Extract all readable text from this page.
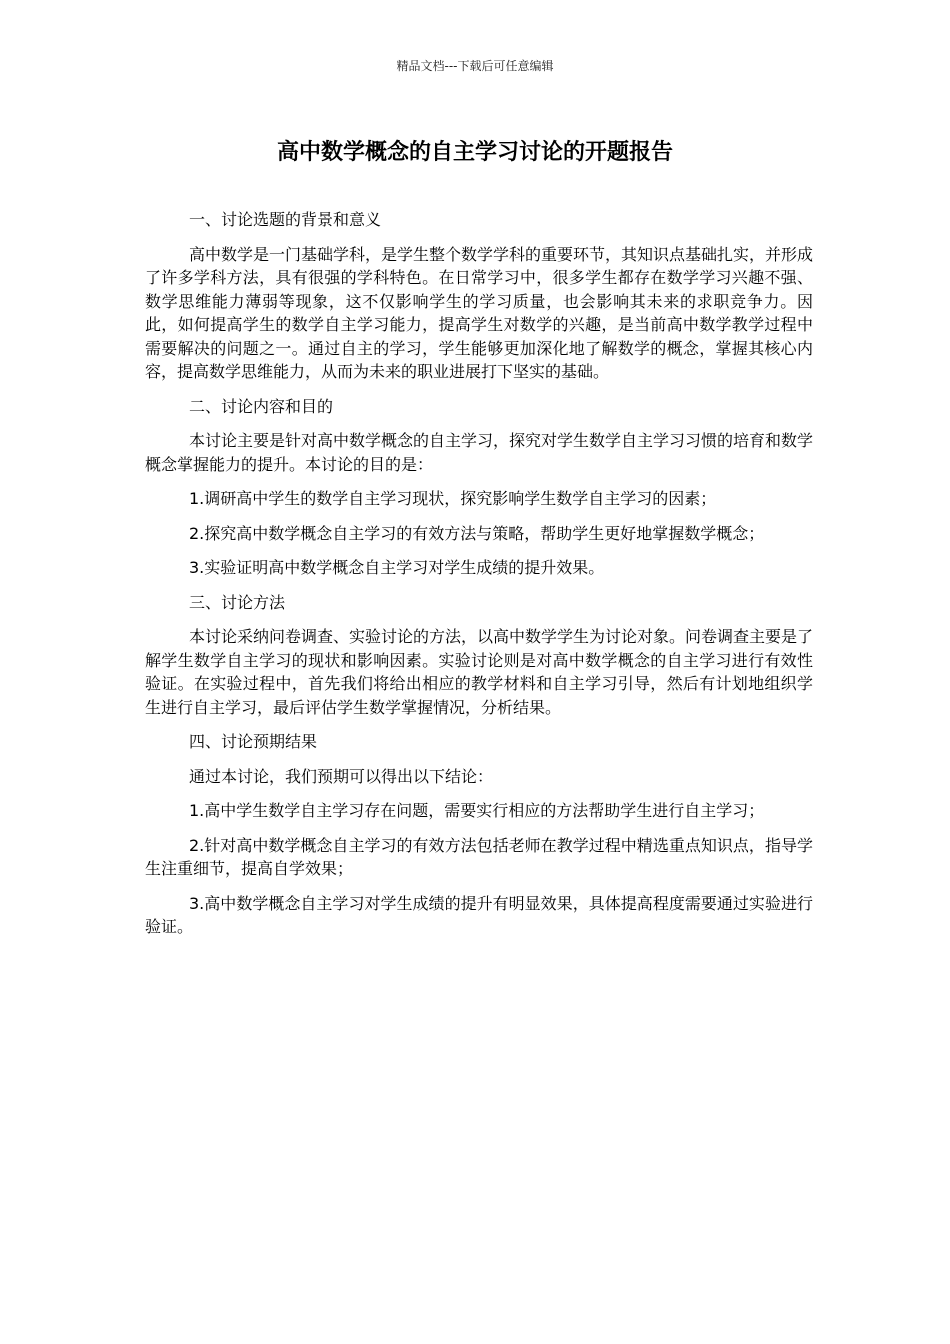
精品文档---下载后可任意编辑
高中数学概念的自主学习讨论的开题报告

一、讨论选题的背景和意义

高中数学是一门基础学科，是学生整个数学学科的重要环节，其知识点基础扎实，并形成了许多学科方法，具有很强的学科特色。在日常学习中，很多学生都存在数学学习兴趣不强、数学思维能力薄弱等现象，这不仅影响学生的学习质量，也会影响其未来的求职竞争力。因此，如何提高学生的数学自主学习能力，提高学生对数学的兴趣，是当前高中数学教学过程中需要解决的问题之一。通过自主的学习，学生能够更加深化地了解数学的概念，掌握其核心内容，提高数学思维能力，从而为未来的职业进展打下坚实的基础。

二、讨论内容和目的

本讨论主要是针对高中数学概念的自主学习，探究对学生数学自主学习习惯的培育和数学概念掌握能力的提升。本讨论的目的是：

1.调研高中学生的数学自主学习现状，探究影响学生数学自主学习的因素；

2.探究高中数学概念自主学习的有效方法与策略，帮助学生更好地掌握数学概念；

3.实验证明高中数学概念自主学习对学生成绩的提升效果。

三、讨论方法

本讨论采纳问卷调查、实验讨论的方法，以高中数学学生为讨论对象。问卷调查主要是了解学生数学自主学习的现状和影响因素。实验讨论则是对高中数学概念的自主学习进行有效性验证。在实验过程中，首先我们将给出相应的教学材料和自主学习引导，然后有计划地组织学生进行自主学习，最后评估学生数学掌握情况，分析结果。

四、讨论预期结果

通过本讨论，我们预期可以得出以下结论：

1.高中学生数学自主学习存在问题，需要实行相应的方法帮助学生进行自主学习；

2.针对高中数学概念自主学习的有效方法包括老师在教学过程中精选重点知识点，指导学生注重细节，提高自学效果；

3.高中数学概念自主学习对学生成绩的提升有明显效果，具体提高程度需要通过实验进行验证。
